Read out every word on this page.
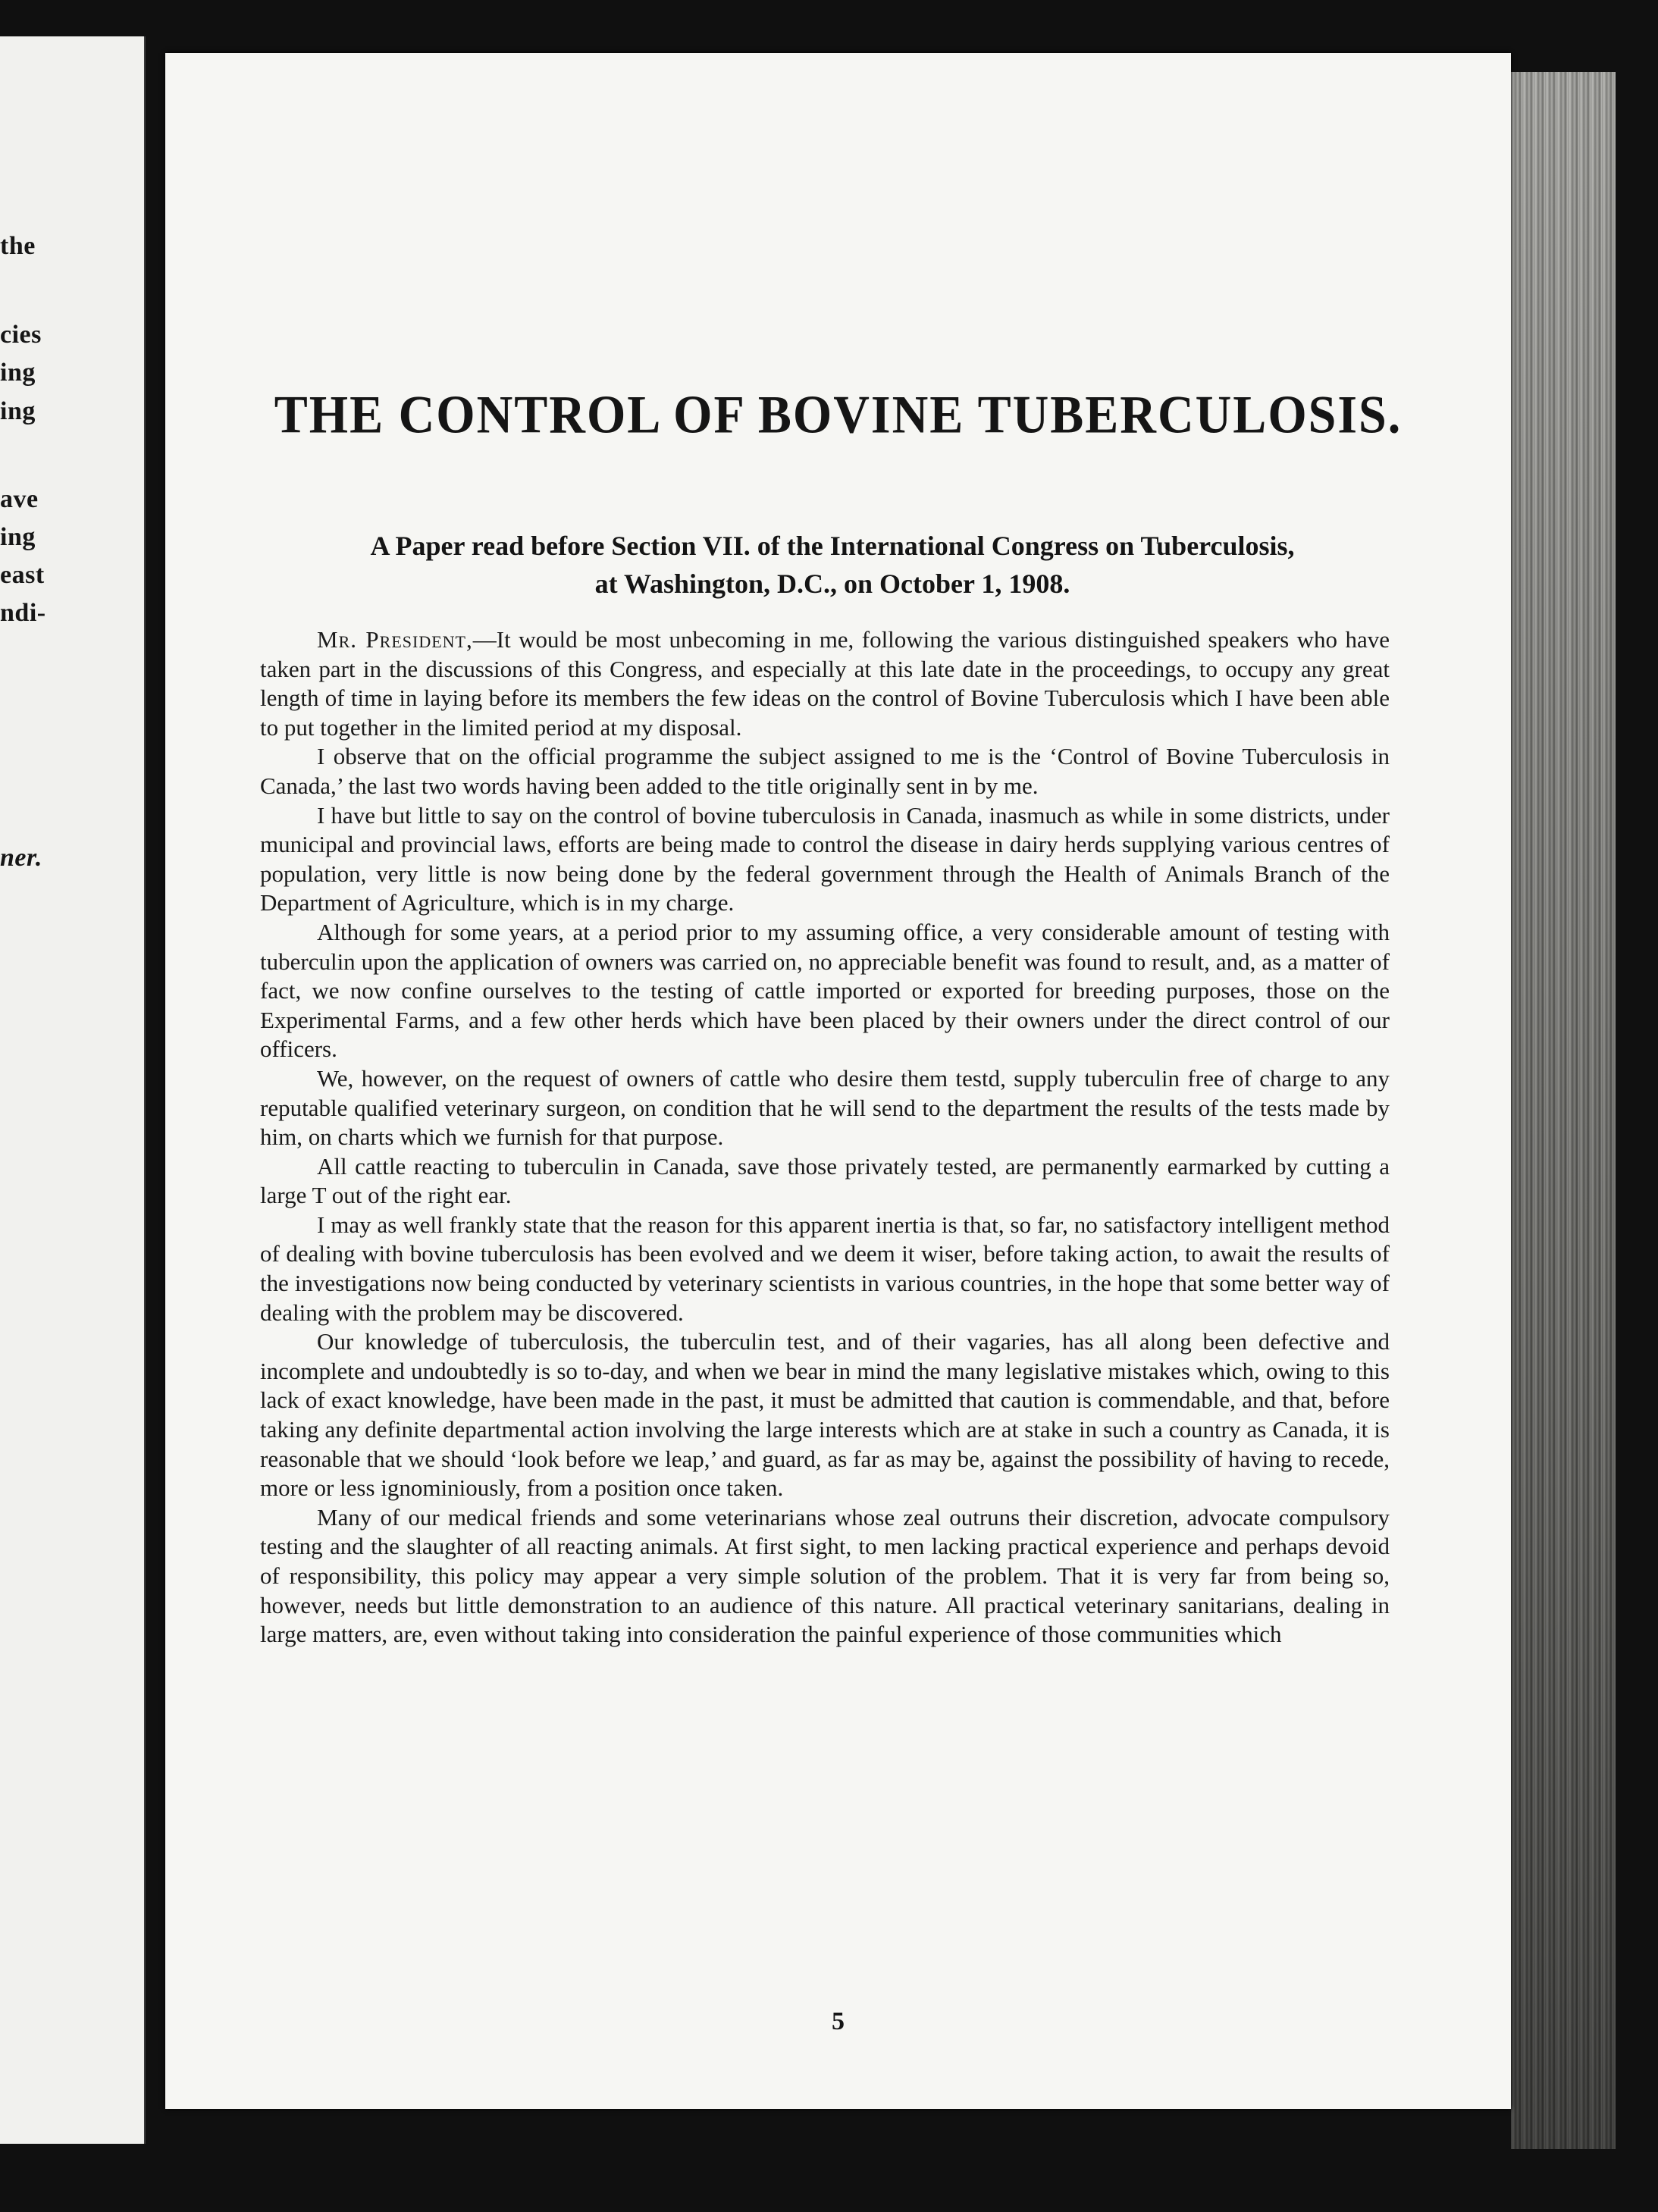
the
cies
ing
ing
ave
ing
east
ndi-
ner.
THE CONTROL OF BOVINE TUBERCULOSIS.
A Paper read before Section VII. of the International Congress on Tuberculosis,
at Washington, D.C., on October 1, 1908.

Mr. President,—It would be most unbecoming in me, following the various distinguished speakers who have taken part in the discussions of this Congress, and especially at this late date in the proceedings, to occupy any great length of time in laying before its members the few ideas on the control of Bovine Tuberculosis which I have been able to put together in the limited period at my disposal.

I observe that on the official programme the subject assigned to me is the ‘Control of Bovine Tuberculosis in Canada,’ the last two words having been added to the title originally sent in by me.

I have but little to say on the control of bovine tuberculosis in Canada, inasmuch as while in some districts, under municipal and provincial laws, efforts are being made to control the disease in dairy herds supplying various centres of population, very little is now being done by the federal government through the Health of Animals Branch of the Department of Agriculture, which is in my charge.

Although for some years, at a period prior to my assuming office, a very considerable amount of testing with tuberculin upon the application of owners was carried on, no appreciable benefit was found to result, and, as a matter of fact, we now confine ourselves to the testing of cattle imported or exported for breeding purposes, those on the Experimental Farms, and a few other herds which have been placed by their owners under the direct control of our officers.

We, however, on the request of owners of cattle who desire them testd, supply tuberculin free of charge to any reputable qualified veterinary surgeon, on condition that he will send to the department the results of the tests made by him, on charts which we furnish for that purpose.

All cattle reacting to tuberculin in Canada, save those privately tested, are permanently earmarked by cutting a large T out of the right ear.

I may as well frankly state that the reason for this apparent inertia is that, so far, no satisfactory intelligent method of dealing with bovine tuberculosis has been evolved and we deem it wiser, before taking action, to await the results of the investigations now being conducted by veterinary scientists in various countries, in the hope that some better way of dealing with the problem may be discovered.

Our knowledge of tuberculosis, the tuberculin test, and of their vagaries, has all along been defective and incomplete and undoubtedly is so to-day, and when we bear in mind the many legislative mistakes which, owing to this lack of exact knowledge, have been made in the past, it must be admitted that caution is commendable, and that, before taking any definite departmental action involving the large interests which are at stake in such a country as Canada, it is reasonable that we should ‘look before we leap,’ and guard, as far as may be, against the possibility of having to recede, more or less ignominiously, from a position once taken.

Many of our medical friends and some veterinarians whose zeal outruns their discretion, advocate compulsory testing and the slaughter of all reacting animals. At first sight, to men lacking practical experience and perhaps devoid of responsibility, this policy may appear a very simple solution of the problem. That it is very far from being so, however, needs but little demonstration to an audience of this nature. All practical veterinary sanitarians, dealing in large matters, are, even without taking into consideration the painful experience of those communities which

5
